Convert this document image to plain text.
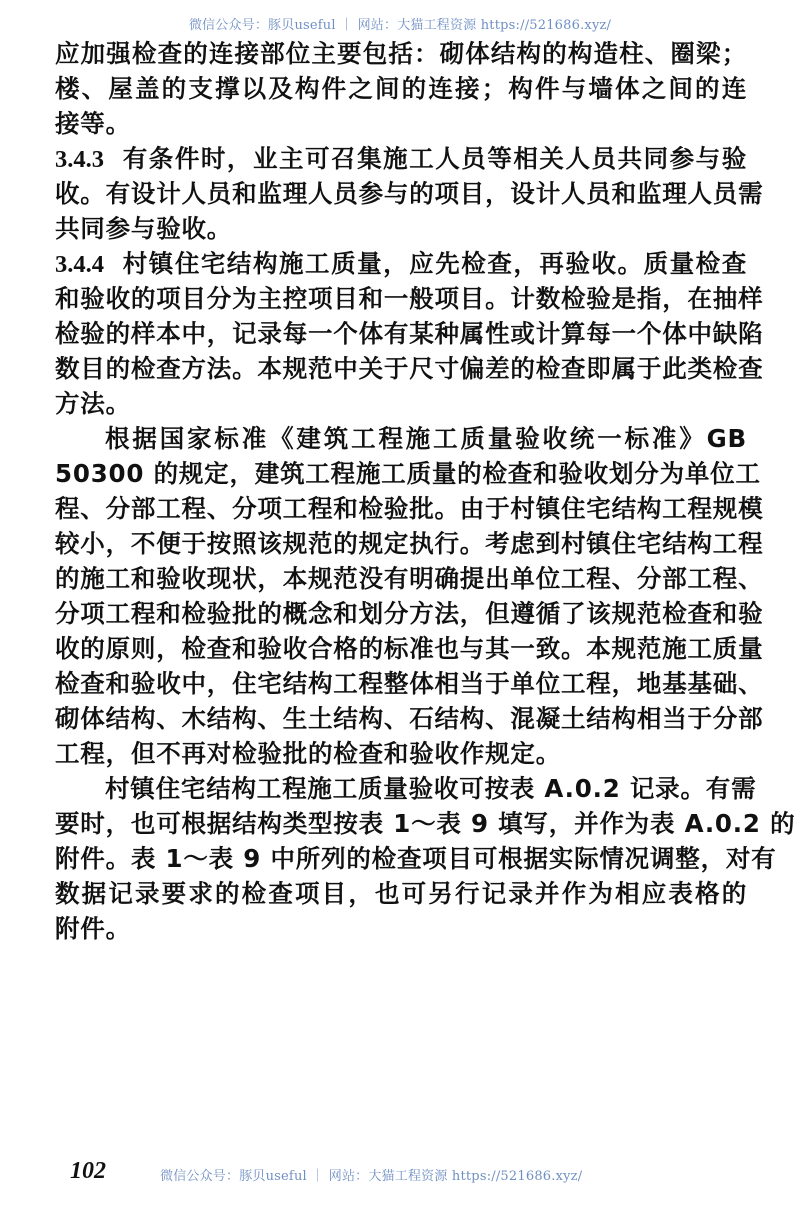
微信公众号：豚贝useful ｜ 网站：大猫工程资源 https://521686.xyz/
应加强检查的连接部位主要包括：砌体结构的构造柱、圈梁；
楼、屋盖的支撑以及构件之间的连接；构件与墙体之间的连
接等。
3.4.3 有条件时，业主可召集施工人员等相关人员共同参与验
收。有设计人员和监理人员参与的项目，设计人员和监理人员需
共同参与验收。
3.4.4 村镇住宅结构施工质量，应先检查，再验收。质量检查
和验收的项目分为主控项目和一般项目。计数检验是指，在抽样
检验的样本中，记录每一个体有某种属性或计算每一个体中缺陷
数目的检查方法。本规范中关于尺寸偏差的检查即属于此类检查
方法。
根据国家标准《建筑工程施工质量验收统一标准》GB
50300 的规定，建筑工程施工质量的检查和验收划分为单位工
程、分部工程、分项工程和检验批。由于村镇住宅结构工程规模
较小，不便于按照该规范的规定执行。考虑到村镇住宅结构工程
的施工和验收现状，本规范没有明确提出单位工程、分部工程、
分项工程和检验批的概念和划分方法，但遵循了该规范检查和验
收的原则，检查和验收合格的标准也与其一致。本规范施工质量
检查和验收中，住宅结构工程整体相当于单位工程，地基基础、
砌体结构、木结构、生土结构、石结构、混凝土结构相当于分部
工程，但不再对检验批的检查和验收作规定。
村镇住宅结构工程施工质量验收可按表 A.0.2 记录。有需
要时，也可根据结构类型按表 1～表 9 填写，并作为表 A.0.2 的
附件。表 1～表 9 中所列的检查项目可根据实际情况调整，对有
数据记录要求的检查项目，也可另行记录并作为相应表格的
附件。
102	微信公众号：豚贝useful ｜ 网站：大猫工程资源 https://521686.xyz/
